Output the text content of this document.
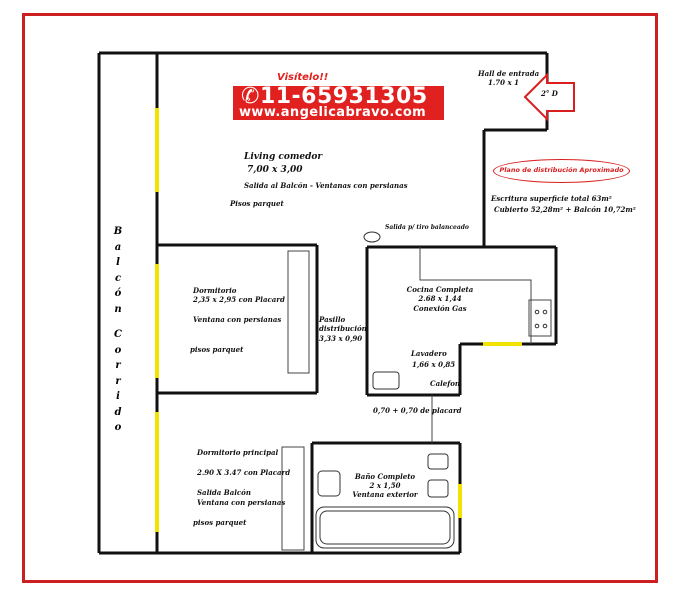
Visítelo!!
✆11-65931305
www.angelicabravo.com
Plano de distribución Aproximado
Escritura superficie total 63m²
Cubierto 52,28m² + Balcón 10,72m²
Hall de entrada
1.70 x 1
2° D
Living comedor
7,00 x 3,00
Salida al Balcón - Ventanas con persianas
Pisos parquet
Salida p/ tiro balanceado
Dormitorio
2,35 x 2,95 con Placard
Ventana con persianas
pisos parquet
Pasillo
distribución
3,33 x 0,90
Cocina Completa
2.68 x 1,44
Conexión Gas
Lavadero
1,66 x 0,85
Calefon
0,70 + 0,70 de placard
Dormitorio principal
2.90 X 3.47 con Placard
Salida Balcón
Ventana con persianas
pisos parquet
Baño Completo
2 x 1,50
Ventana exterior
B
a
l
c
ó
n
C
o
r
r
i
d
o
